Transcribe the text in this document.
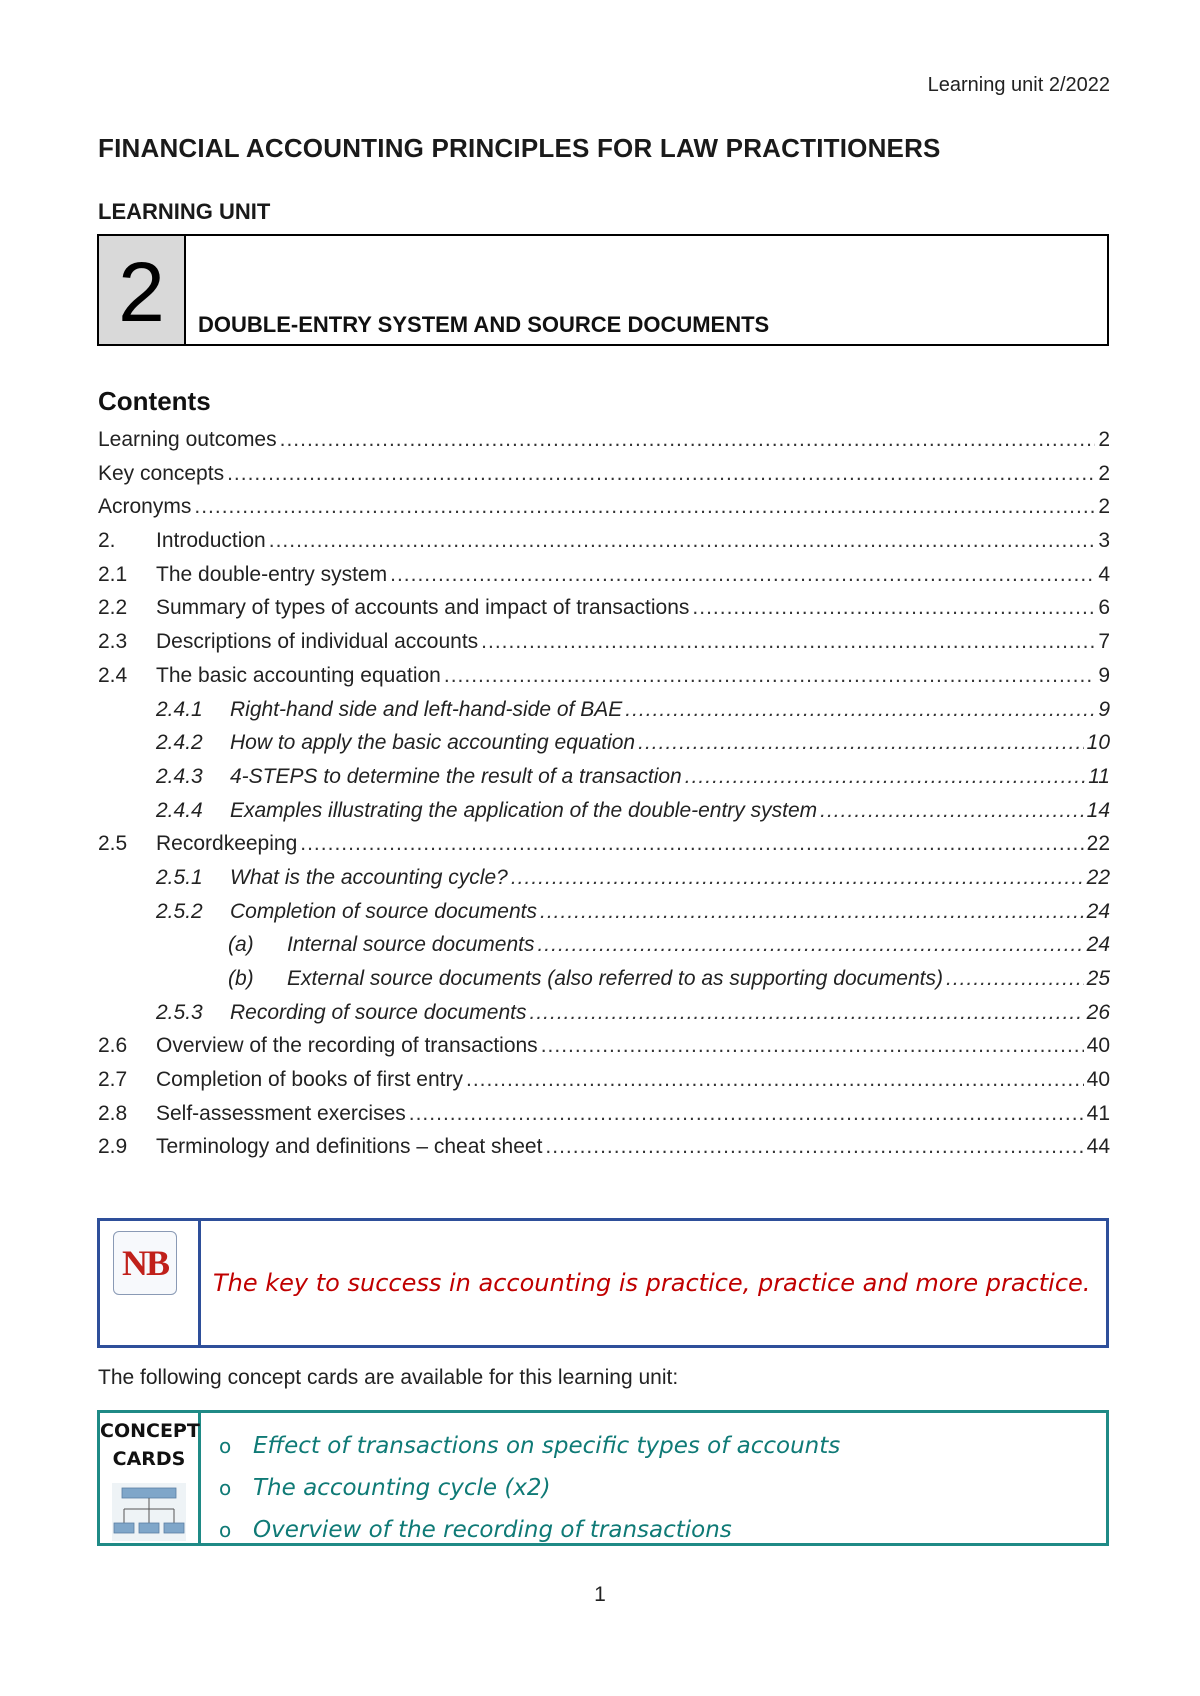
Learning unit 2/2022
FINANCIAL ACCOUNTING PRINCIPLES FOR LAW PRACTITIONERS
LEARNING UNIT
2	DOUBLE-ENTRY SYSTEM AND SOURCE DOCUMENTS
Contents
Learning outcomes .....	2
Key concepts .....	2
Acronyms .....	2
2.	Introduction .....	3
2.1	The double-entry system .....	4
2.2	Summary of types of accounts and impact of transactions .....	6
2.3	Descriptions of individual accounts .....	7
2.4	The basic accounting equation .....	9
2.4.1	Right-hand side and left-hand-side of BAE .....	9
2.4.2	How to apply the basic accounting equation .....	10
2.4.3	4-STEPS to determine the result of a transaction .....	11
2.4.4	Examples illustrating the application of the double-entry system .....	14
2.5	Recordkeeping .....	22
2.5.1	What is the accounting cycle? .....	22
2.5.2	Completion of source documents .....	24
(a)	Internal source documents .....	24
(b)	External source documents (also referred to as supporting documents) .....	25
2.5.3	Recording of source documents .....	26
2.6	Overview of the recording of transactions .....	40
2.7	Completion of books of first entry .....	40
2.8	Self-assessment exercises .....	41
2.9	Terminology and definitions – cheat sheet .....	44
NB	The key to success in accounting is practice, practice and more practice.
The following concept cards are available for this learning unit:
CONCEPT
CARDS
o Effect of transactions on specific types of accounts
o The accounting cycle (x2)
o Overview of the recording of transactions
1
